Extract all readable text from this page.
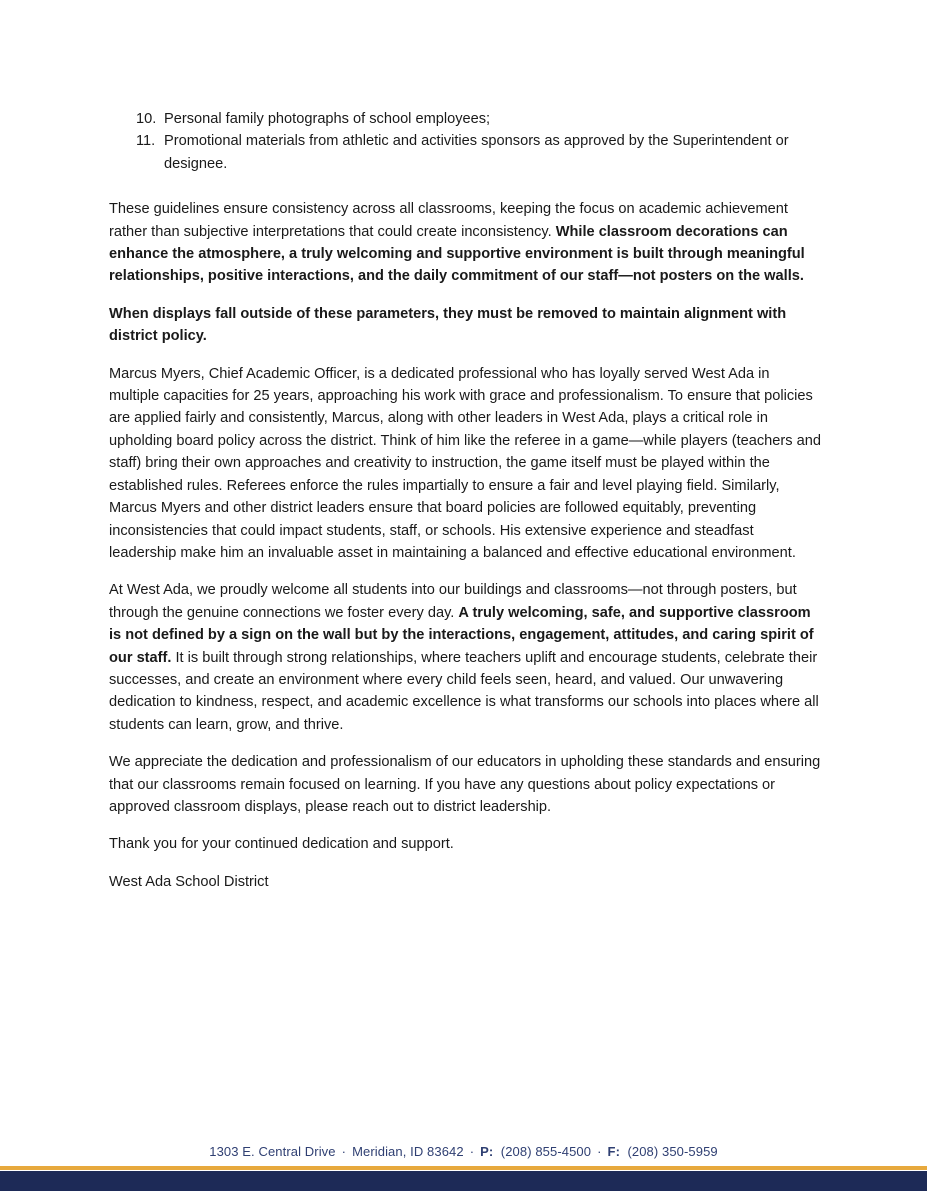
10. Personal family photographs of school employees;
11. Promotional materials from athletic and activities sponsors as approved by the Superintendent or designee.

These guidelines ensure consistency across all classrooms, keeping the focus on academic achievement rather than subjective interpretations that could create inconsistency. While classroom decorations can enhance the atmosphere, a truly welcoming and supportive environment is built through meaningful relationships, positive interactions, and the daily commitment of our staff—not posters on the walls.

When displays fall outside of these parameters, they must be removed to maintain alignment with district policy.

Marcus Myers, Chief Academic Officer, is a dedicated professional who has loyally served West Ada in multiple capacities for 25 years, approaching his work with grace and professionalism. To ensure that policies are applied fairly and consistently, Marcus, along with other leaders in West Ada, plays a critical role in upholding board policy across the district. Think of him like the referee in a game—while players (teachers and staff) bring their own approaches and creativity to instruction, the game itself must be played within the established rules. Referees enforce the rules impartially to ensure a fair and level playing field. Similarly, Marcus Myers and other district leaders ensure that board policies are followed equitably, preventing inconsistencies that could impact students, staff, or schools. His extensive experience and steadfast leadership make him an invaluable asset in maintaining a balanced and effective educational environment.

At West Ada, we proudly welcome all students into our buildings and classrooms—not through posters, but through the genuine connections we foster every day. A truly welcoming, safe, and supportive classroom is not defined by a sign on the wall but by the interactions, engagement, attitudes, and caring spirit of our staff. It is built through strong relationships, where teachers uplift and encourage students, celebrate their successes, and create an environment where every child feels seen, heard, and valued. Our unwavering dedication to kindness, respect, and academic excellence is what transforms our schools into places where all students can learn, grow, and thrive.

We appreciate the dedication and professionalism of our educators in upholding these standards and ensuring that our classrooms remain focused on learning. If you have any questions about policy expectations or approved classroom displays, please reach out to district leadership.

Thank you for your continued dedication and support.

West Ada School District

1303 E. Central Drive · Meridian, ID 83642 · P: (208) 855-4500 · F: (208) 350-5959
